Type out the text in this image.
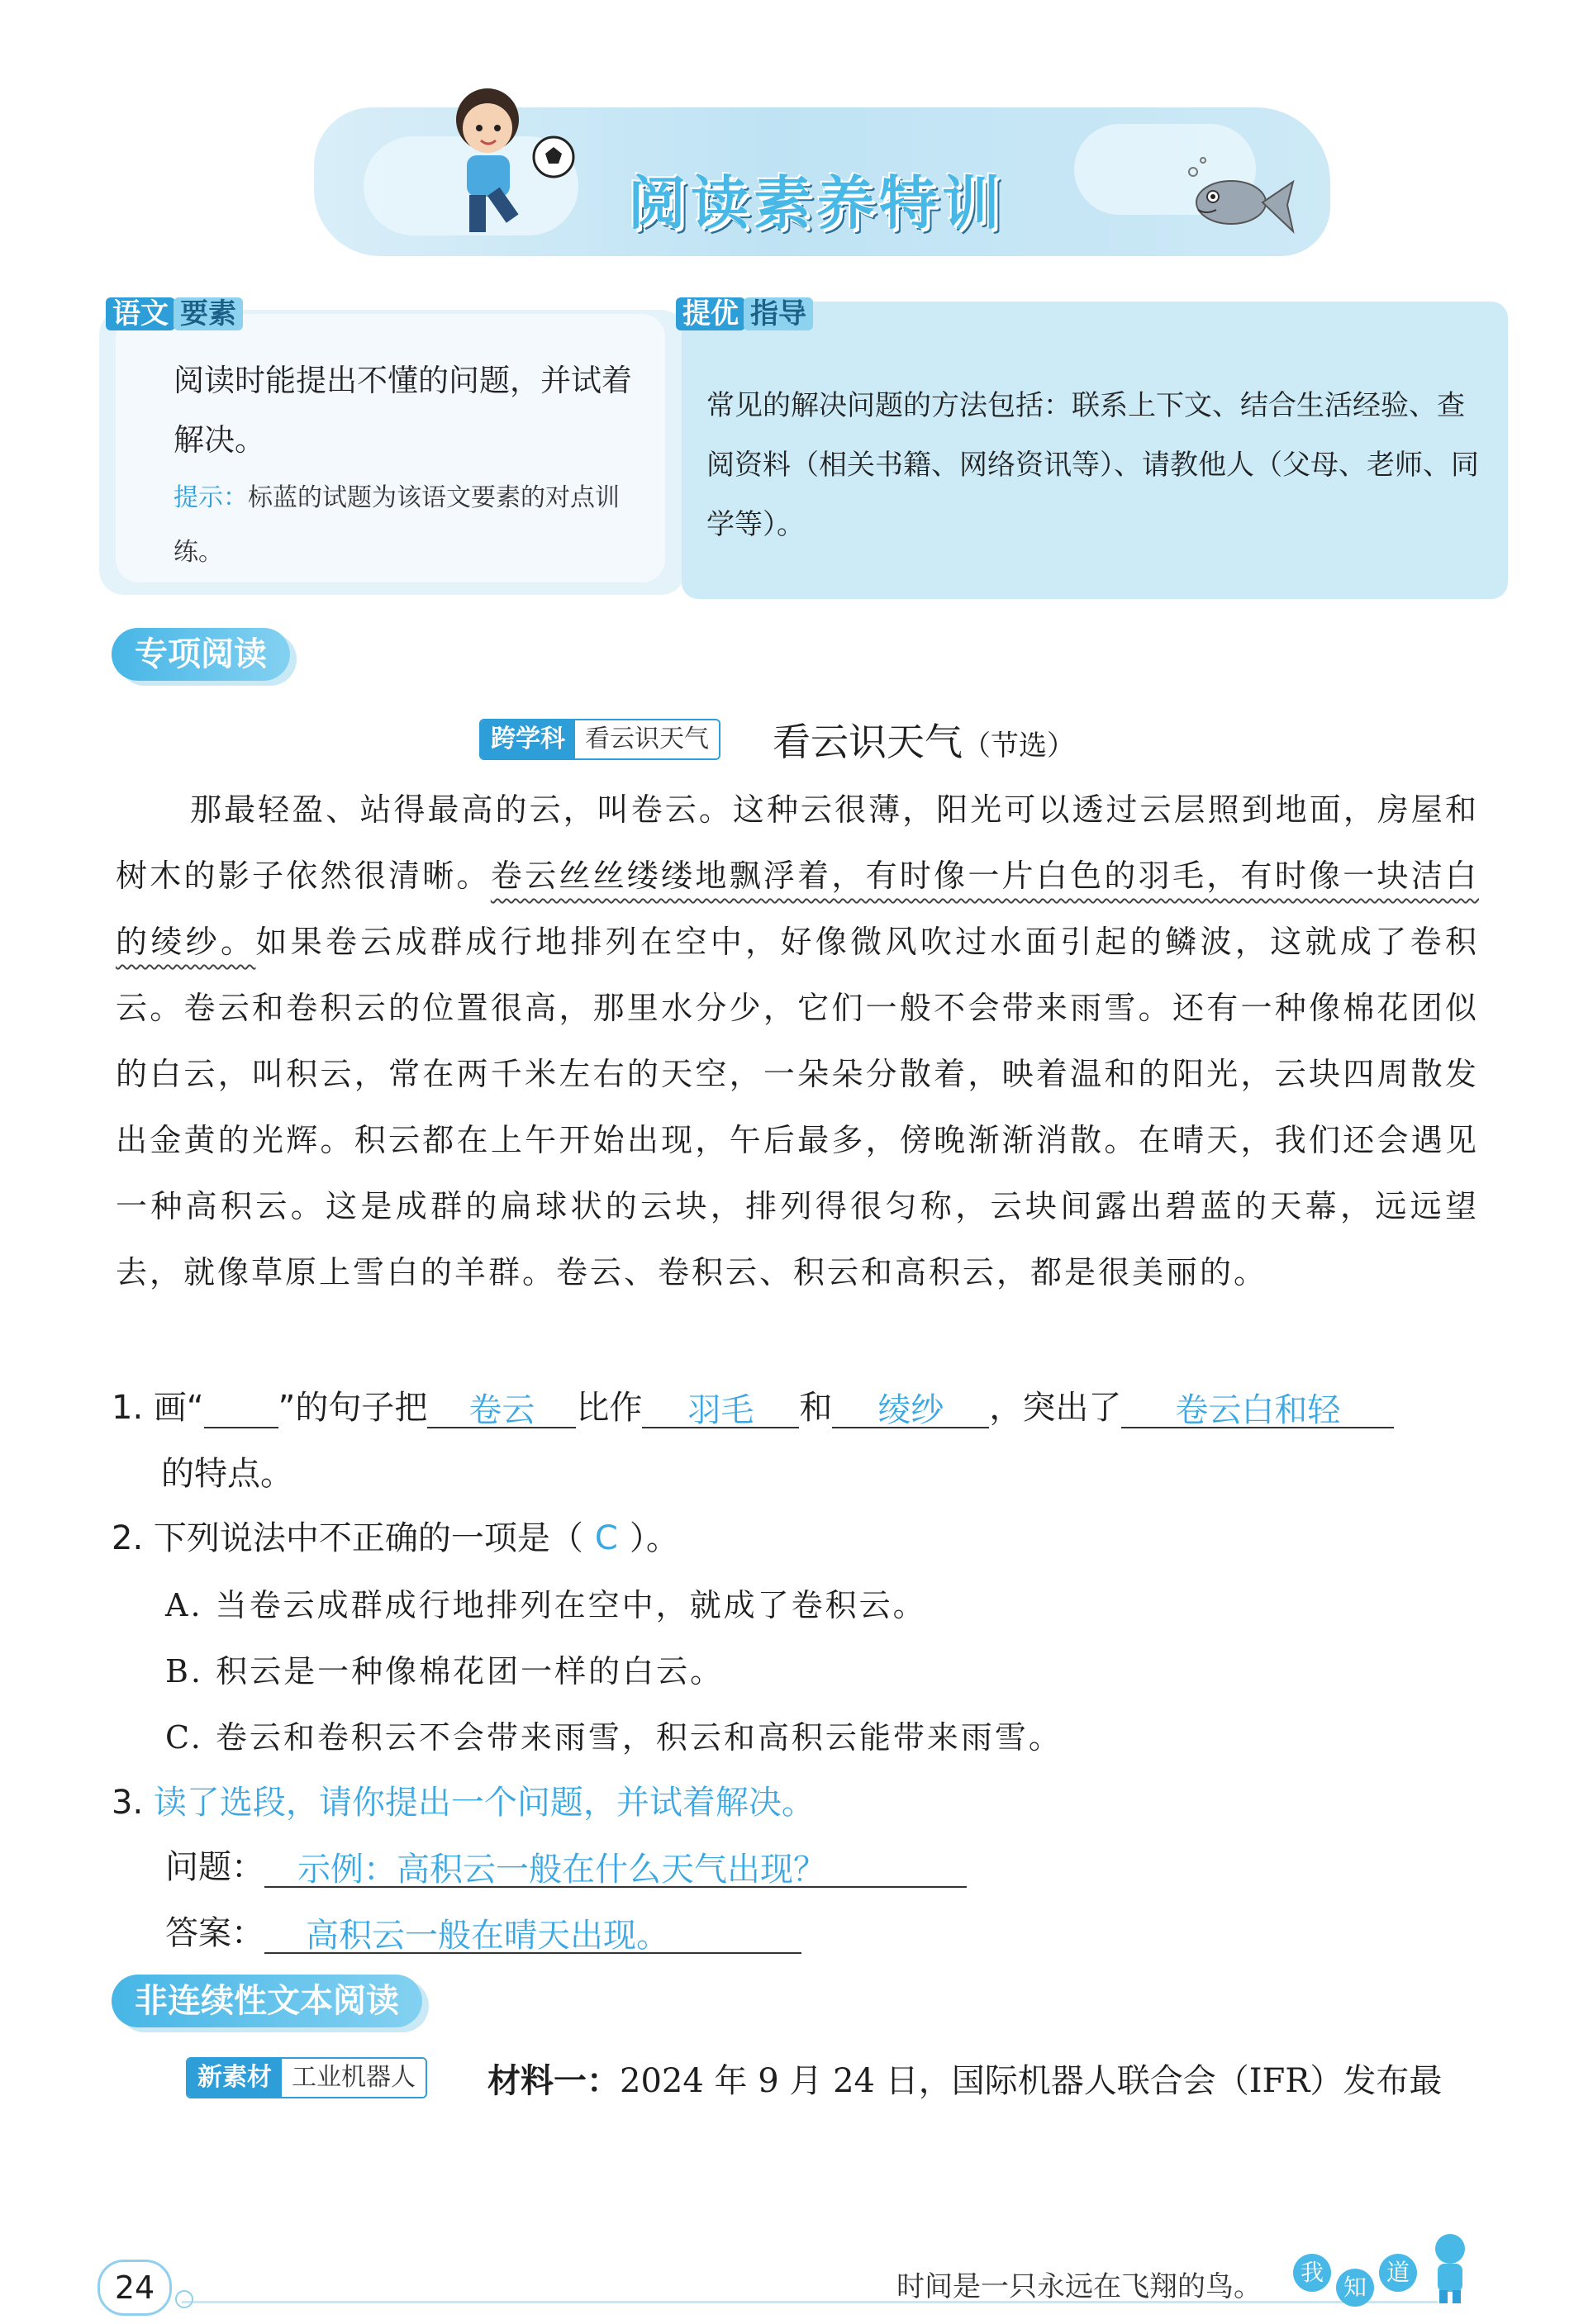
阅读素养特训
语文 要素
阅读时能提出不懂的问题，并试着解决。
提示：标蓝的试题为该语文要素的对点训练。
提优 指导
常见的解决问题的方法包括：联系上下文、结合生活经验、查阅资料（相关书籍、网络资讯等）、请教他人（父母、老师、同学等）。
专项阅读
跨学科 看云识天气 看云识天气（节选）
那最轻盈、站得最高的云，叫卷云。这种云很薄，阳光可以透过云层照到地面，房屋和树木的影子依然很清晰。卷云丝丝缕缕地飘浮着，有时像一片白色的羽毛，有时像一块洁白的绫纱。如果卷云成群成行地排列在空中，好像微风吹过水面引起的鳞波，这就成了卷积云。卷云和卷积云的位置很高，那里水分少，它们一般不会带来雨雪。还有一种像棉花团似的白云，叫积云，常在两千米左右的天空，一朵朵分散着，映着温和的阳光，云块四周散发出金黄的光辉。积云都在上午开始出现，午后最多，傍晚渐渐消散。在晴天，我们还会遇见一种高积云。这是成群的扁球状的云块，排列得很匀称，云块间露出碧蓝的天幕，远远望去，就像草原上雪白的羊群。卷云、卷积云、积云和高积云，都是很美丽的。
1. 画“ ”的句子把 卷云 比作 羽毛 和 绫纱 ，突出了 卷云白和轻
的特点。
2. 下列说法中不正确的一项是（ C ）。
A. 当卷云成群成行地排列在空中，就成了卷积云。
B. 积云是一种像棉花团一样的白云。
C. 卷云和卷积云不会带来雨雪，积云和高积云能带来雨雪。
3. 读了选段，请你提出一个问题，并试着解决。
问题： 示例：高积云一般在什么天气出现？
答案： 高积云一般在晴天出现。
非连续性文本阅读
新素材 工业机器人	材料一：2024 年 9 月 24 日，国际机器人联合会（IFR）发布最
24	时间是一只永远在飞翔的鸟。	我
知
道
